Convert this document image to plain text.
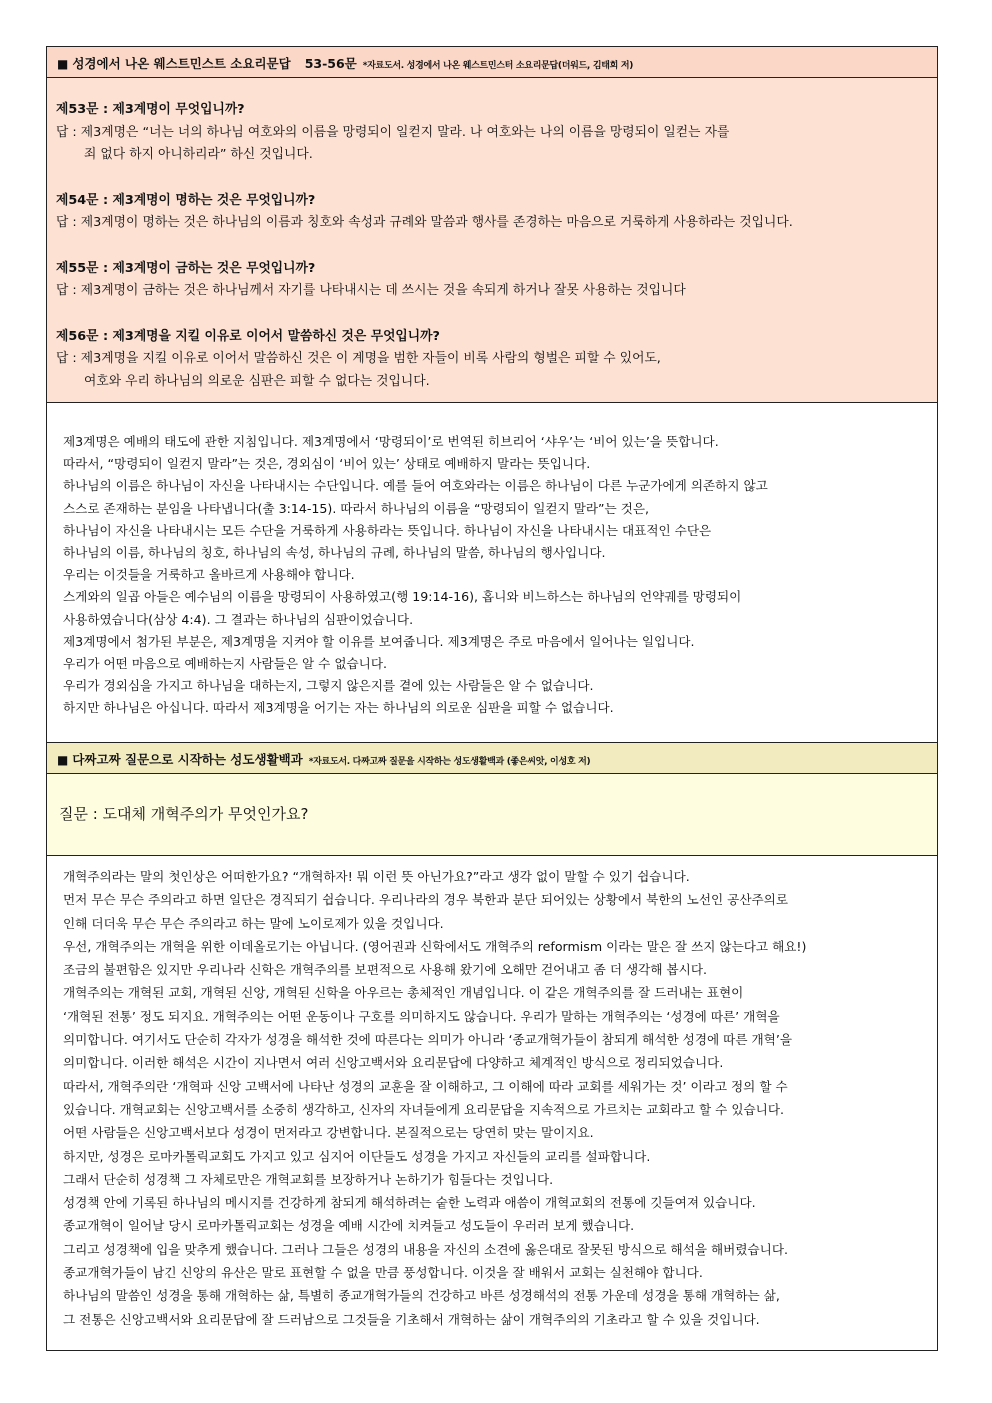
■ 성경에서 나온 웨스트민스트 소요리문답 53-56문 *자료도서. 성경에서 나온 웨스트민스터 소요리문답(더워드, 김태희 저)
제53문 : 제3계명이 무엇입니까?
답 : 제3계명은 “너는 너의 하나님 여호와의 이름을 망령되이 일컫지 말라. 나 여호와는 나의 이름을 망령되이 일컫는 자를
죄 없다 하지 아니하리라” 하신 것입니다.
제54문 : 제3계명이 명하는 것은 무엇입니까?
답 : 제3계명이 명하는 것은 하나님의 이름과 칭호와 속성과 규례와 말씀과 행사를 존경하는 마음으로 거룩하게 사용하라는 것입니다.
제55문 : 제3계명이 금하는 것은 무엇입니까?
답 : 제3계명이 금하는 것은 하나님께서 자기를 나타내시는 데 쓰시는 것을 속되게 하거나 잘못 사용하는 것입니다
제56문 : 제3계명을 지킬 이유로 이어서 말씀하신 것은 무엇입니까?
답 : 제3계명을 지킬 이유로 이어서 말씀하신 것은 이 계명을 범한 자들이 비록 사람의 형벌은 피할 수 있어도,
여호와 우리 하나님의 의로운 심판은 피할 수 없다는 것입니다.
제3계명은 예배의 태도에 관한 지침입니다. 제3계명에서 ‘망령되이’로 번역된 히브리어 ‘샤우’는 ‘비어 있는’을 뜻합니다.
따라서, “망령되이 일컫지 말라”는 것은, 경외심이 ‘비어 있는’ 상태로 예배하지 말라는 뜻입니다.
하나님의 이름은 하나님이 자신을 나타내시는 수단입니다. 예를 들어 여호와라는 이름은 하나님이 다른 누군가에게 의존하지 않고
스스로 존재하는 분임을 나타냅니다(출 3:14-15). 따라서 하나님의 이름을 “망령되이 일컫지 말라”는 것은,
하나님이 자신을 나타내시는 모든 수단을 거룩하게 사용하라는 뜻입니다. 하나님이 자신을 나타내시는 대표적인 수단은
하나님의 이름, 하나님의 칭호, 하나님의 속성, 하나님의 규례, 하나님의 말씀, 하나님의 행사입니다.
우리는 이것들을 거룩하고 올바르게 사용해야 합니다.
스게와의 일곱 아들은 예수님의 이름을 망령되이 사용하였고(행 19:14-16), 홉니와 비느하스는 하나님의 언약궤를 망령되이
사용하였습니다(삼상 4:4). 그 결과는 하나님의 심판이었습니다.
제3계명에서 첨가된 부분은, 제3계명을 지켜야 할 이유를 보여줍니다. 제3계명은 주로 마음에서 일어나는 일입니다.
우리가 어떤 마음으로 예배하는지 사람들은 알 수 없습니다.
우리가 경외심을 가지고 하나님을 대하는지, 그렇지 않은지를 곁에 있는 사람들은 알 수 없습니다.
하지만 하나님은 아십니다. 따라서 제3계명을 어기는 자는 하나님의 의로운 심판을 피할 수 없습니다.
■ 다짜고짜 질문으로 시작하는 성도생활백과 *자료도서. 다짜고짜 질문을 시작하는 성도생활백과 (좋은씨앗, 이성호 저)
질문 : 도대체 개혁주의가 무엇인가요?
개혁주의라는 말의 첫인상은 어떠한가요? “개혁하자! 뭐 이런 뜻 아닌가요?”라고 생각 없이 말할 수 있기 쉽습니다.
먼저 무슨 무슨 주의라고 하면 일단은 경직되기 쉽습니다. 우리나라의 경우 북한과 분단 되어있는 상황에서 북한의 노선인 공산주의로
인해 더더욱 무슨 무슨 주의라고 하는 말에 노이로제가 있을 것입니다.
우선, 개혁주의는 개혁을 위한 이데올로기는 아닙니다. (영어권과 신학에서도 개혁주의 reformism 이라는 말은 잘 쓰지 않는다고 해요!)
조금의 불편함은 있지만 우리나라 신학은 개혁주의를 보편적으로 사용해 왔기에 오해만 걷어내고 좀 더 생각해 봅시다.
개혁주의는 개혁된 교회, 개혁된 신앙, 개혁된 신학을 아우르는 총체적인 개념입니다. 이 같은 개혁주의를 잘 드러내는 표현이
‘개혁된 전통’ 정도 되지요. 개혁주의는 어떤 운동이나 구호를 의미하지도 않습니다. 우리가 말하는 개혁주의는 ‘성경에 따른’ 개혁을
의미합니다. 여기서도 단순히 각자가 성경을 해석한 것에 따른다는 의미가 아니라 ‘종교개혁가들이 참되게 해석한 성경에 따른 개혁’을
의미합니다. 이러한 해석은 시간이 지나면서 여러 신앙고백서와 요리문답에 다양하고 체계적인 방식으로 정리되었습니다.
따라서, 개혁주의란 ‘개혁파 신앙 고백서에 나타난 성경의 교훈을 잘 이해하고, 그 이해에 따라 교회를 세워가는 것’ 이라고 정의 할 수
있습니다. 개혁교회는 신앙고백서를 소중히 생각하고, 신자의 자녀들에게 요리문답을 지속적으로 가르치는 교회라고 할 수 있습니다.
어떤 사람들은 신앙고백서보다 성경이 먼저라고 강변합니다. 본질적으로는 당연히 맞는 말이지요.
하지만, 성경은 로마카톨릭교회도 가지고 있고 심지어 이단들도 성경을 가지고 자신들의 교리를 설파합니다.
그래서 단순히 성경책 그 자체로만은 개혁교회를 보장하거나 논하기가 힘들다는 것입니다.
성경책 안에 기록된 하나님의 메시지를 건강하게 참되게 해석하려는 숱한 노력과 애씀이 개혁교회의 전통에 깃들여져 있습니다.
종교개혁이 일어날 당시 로마카톨릭교회는 성경을 예배 시간에 치켜들고 성도들이 우러러 보게 했습니다.
그리고 성경책에 입을 맞추게 했습니다. 그러나 그들은 성경의 내용을 자신의 소견에 옳은대로 잘못된 방식으로 해석을 해버렸습니다.
종교개혁가들이 남긴 신앙의 유산은 말로 표현할 수 없을 만큼 풍성합니다. 이것을 잘 배워서 교회는 실천해야 합니다.
하나님의 말씀인 성경을 통해 개혁하는 삶, 특별히 종교개혁가들의 건강하고 바른 성경해석의 전통 가운데 성경을 통해 개혁하는 삶,
그 전통은 신앙고백서와 요리문답에 잘 드러남으로 그것들을 기초해서 개혁하는 삶이 개혁주의의 기초라고 할 수 있을 것입니다.
